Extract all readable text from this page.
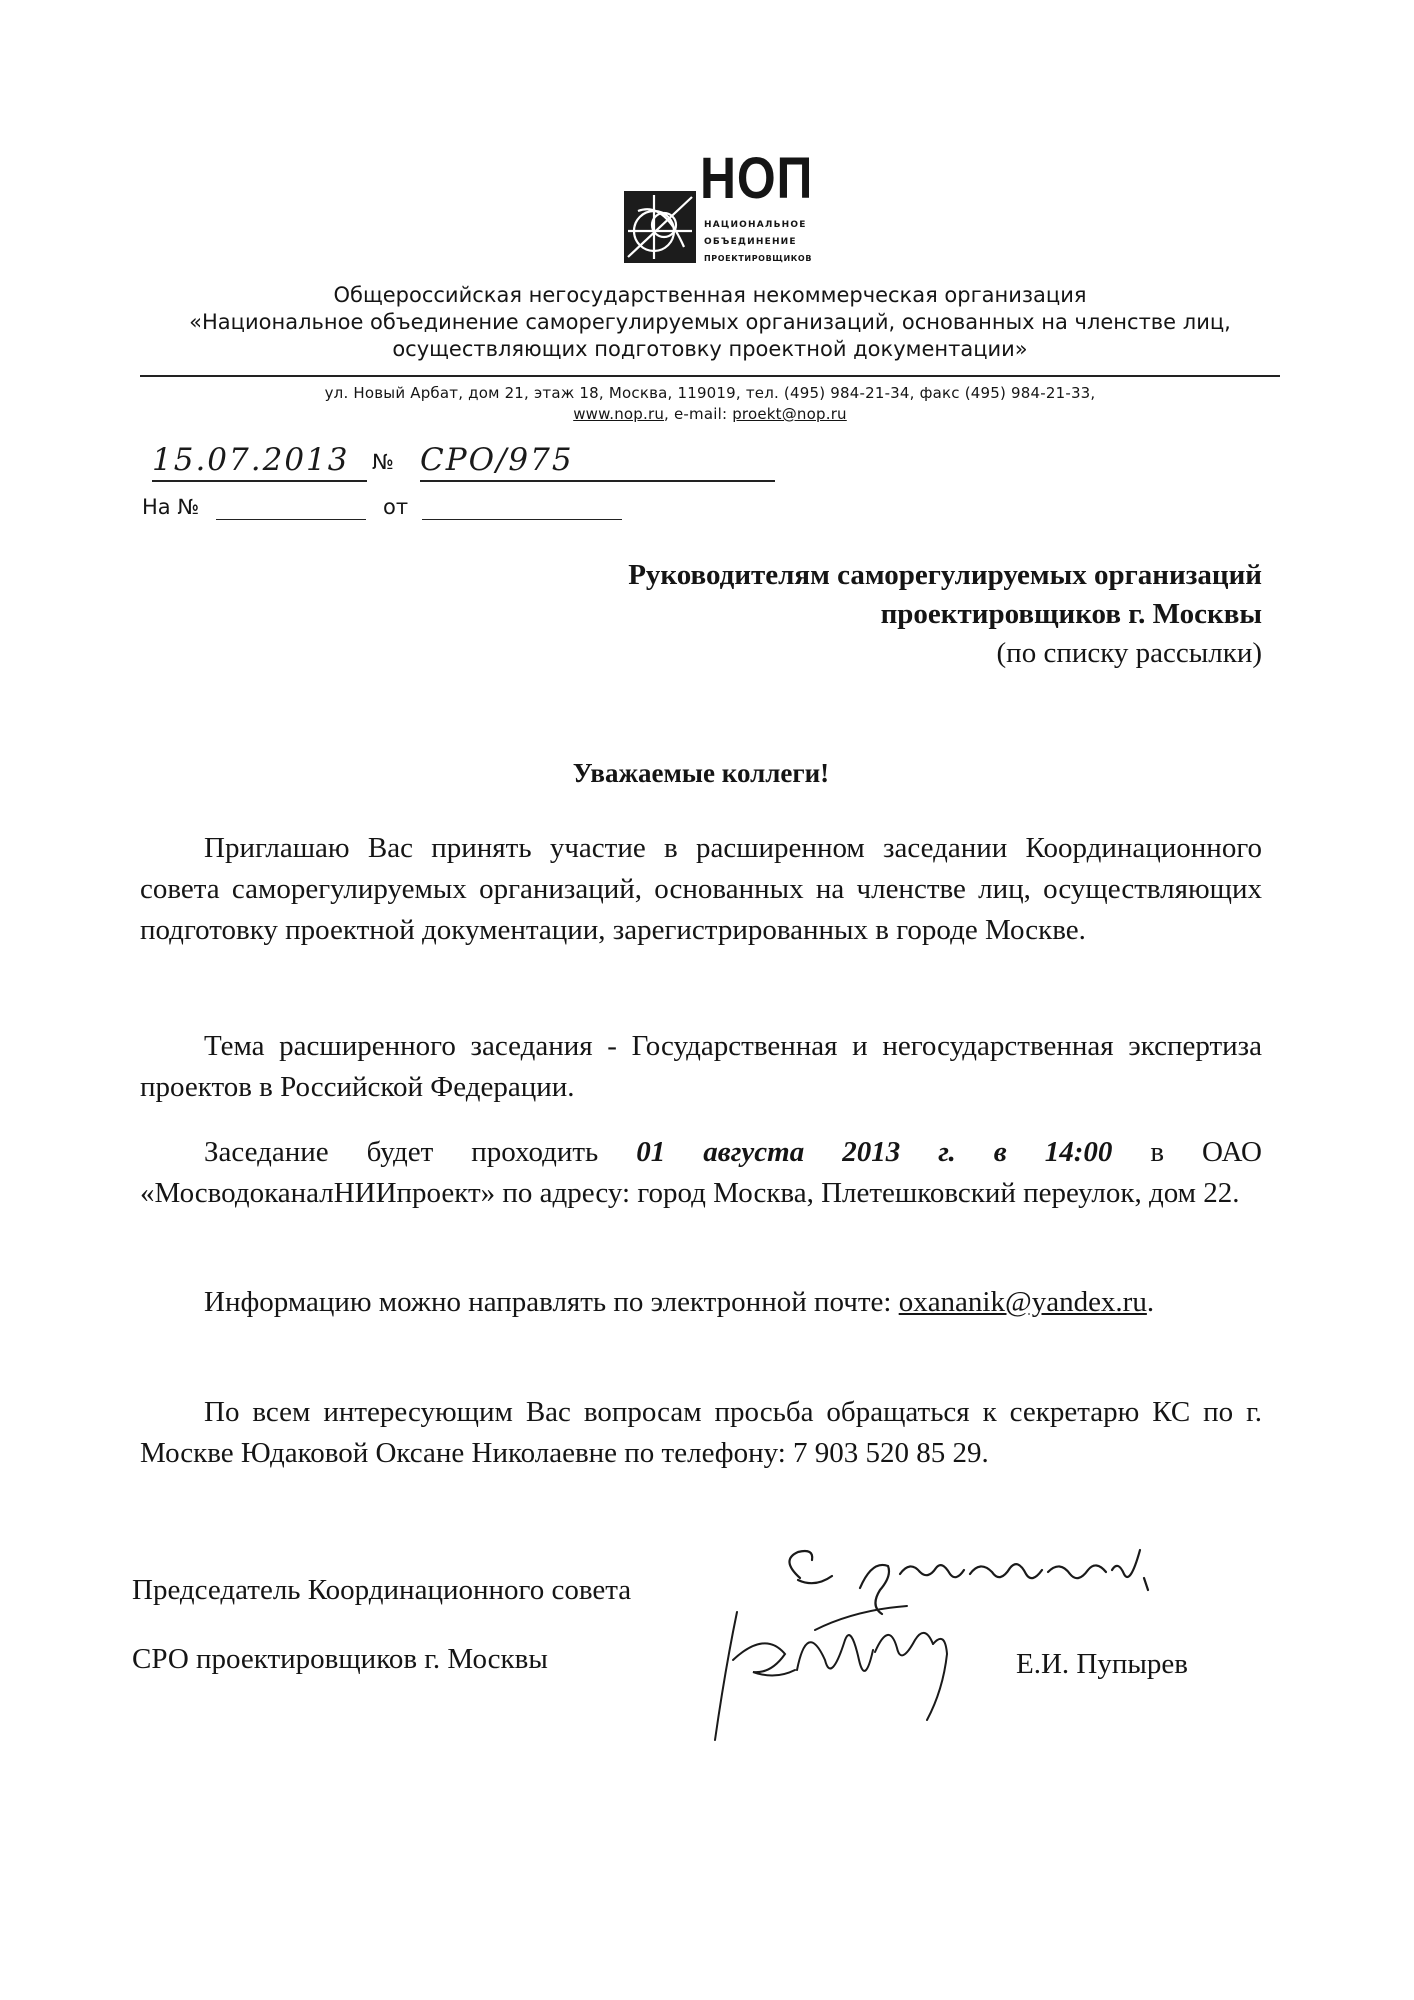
НОП
НАЦИОНАЛЬНОЕ
ОБЪЕДИНЕНИЕ
ПРОЕКТИРОВЩИКОВ
Общероссийская негосударственная некоммерческая организация
«Национальное объединение саморегулируемых организаций, основанных на членстве лиц,
осуществляющих подготовку проектной документации»
ул. Новый Арбат, дом 21, этаж 18, Москва, 119019, тел. (495) 984-21-34, факс (495) 984-21-33,
www.nop.ru, e-mail: proekt@nop.ru
15.07.2013	№ СРО/975
На №	от
Руководителям саморегулируемых организаций
проектировщиков г. Москвы
(по списку рассылки)
Уважаемые коллеги!

Приглашаю Вас принять участие в расширенном заседании Координационного совета саморегулируемых организаций, основанных на членстве лиц, осуществляющих подготовку проектной документации, зарегистрированных в городе Москве.

Тема расширенного заседания - Государственная и негосударственная экспертиза проектов в Российской Федерации.

Заседание будет проходить 01 августа 2013 г. в 14:00 в ОАО «МосводоканалНИИпроект» по адресу: город Москва, Плетешковский переулок, дом 22.

Информацию можно направлять по электронной почте: oxananik@yandex.ru.

По всем интересующим Вас вопросам просьба обращаться к секретарю КС по г. Москве Юдаковой Оксане Николаевне по телефону: 7 903 520 85 29.

Председатель Координационного совета
СРО проектировщиков г. Москвы	Е.И. Пупырев
